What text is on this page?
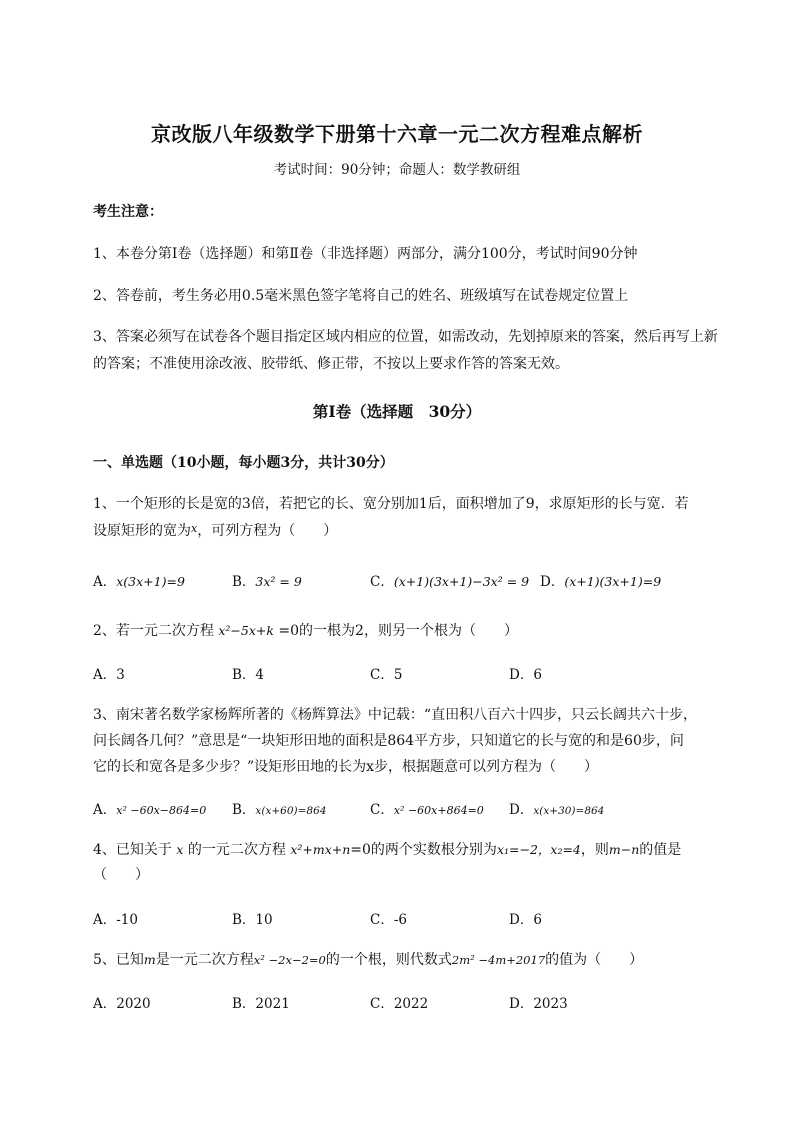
京改版八年级数学下册第十六章一元二次方程难点解析
考试时间：90分钟；命题人：数学教研组
考生注意：
1、本卷分第Ⅰ卷（选择题）和第Ⅱ卷（非选择题）两部分，满分100分，考试时间90分钟
2、答卷前，考生务必用0.5毫米黑色签字笔将自己的姓名、班级填写在试卷规定位置上
3、答案必须写在试卷各个题目指定区域内相应的位置，如需改动，先划掉原来的答案，然后再写上新
的答案；不准使用涂改液、胶带纸、修正带，不按以上要求作答的答案无效。
第Ⅰ卷（选择题　30分）
一、单选题（10小题，每小题3分，共计30分）
1、一个矩形的长是宽的3倍，若把它的长、宽分别加1后，面积增加了9，求原矩形的长与宽．若
设原矩形的宽为$^x$，可列方程为（　　）
A．x(3x+1)=9	B．3x² = 9	C．(x+1)(3x+1)−3x² = 9 D．(x+1)(3x+1)=9
2、若一元二次方程 x²−5x+k =0的一根为2，则另一个根为（　　）
A．3	B．4	C．5	D．6
3、南宋著名数学家杨辉所著的《杨辉算法》中记载：“直田积八百六十四步，只云长阔共六十步，
问长阔各几何？”意思是“一块矩形田地的面积是864平方步，只知道它的长与宽的和是60步，问
它的长和宽各是多少步？”设矩形田地的长为x步，根据题意可以列方程为（　　）
A．x² −60x−864=0 B．x(x+60)=864	C．x² −60x+864=0 D．x(x+30)=864
4、已知关于 x 的一元二次方程 x²+mx+n=0的两个实数根分别为x₁=−2，x₂=4，则m−n的值是
（　　）
A．-10	B．10	C．-6	D．6
5、已知m是一元二次方程x² −2x−2=0的一个根，则代数式2m² −4m+2017的值为（　　）
A．2020	B．2021	C．2022	D．2023
